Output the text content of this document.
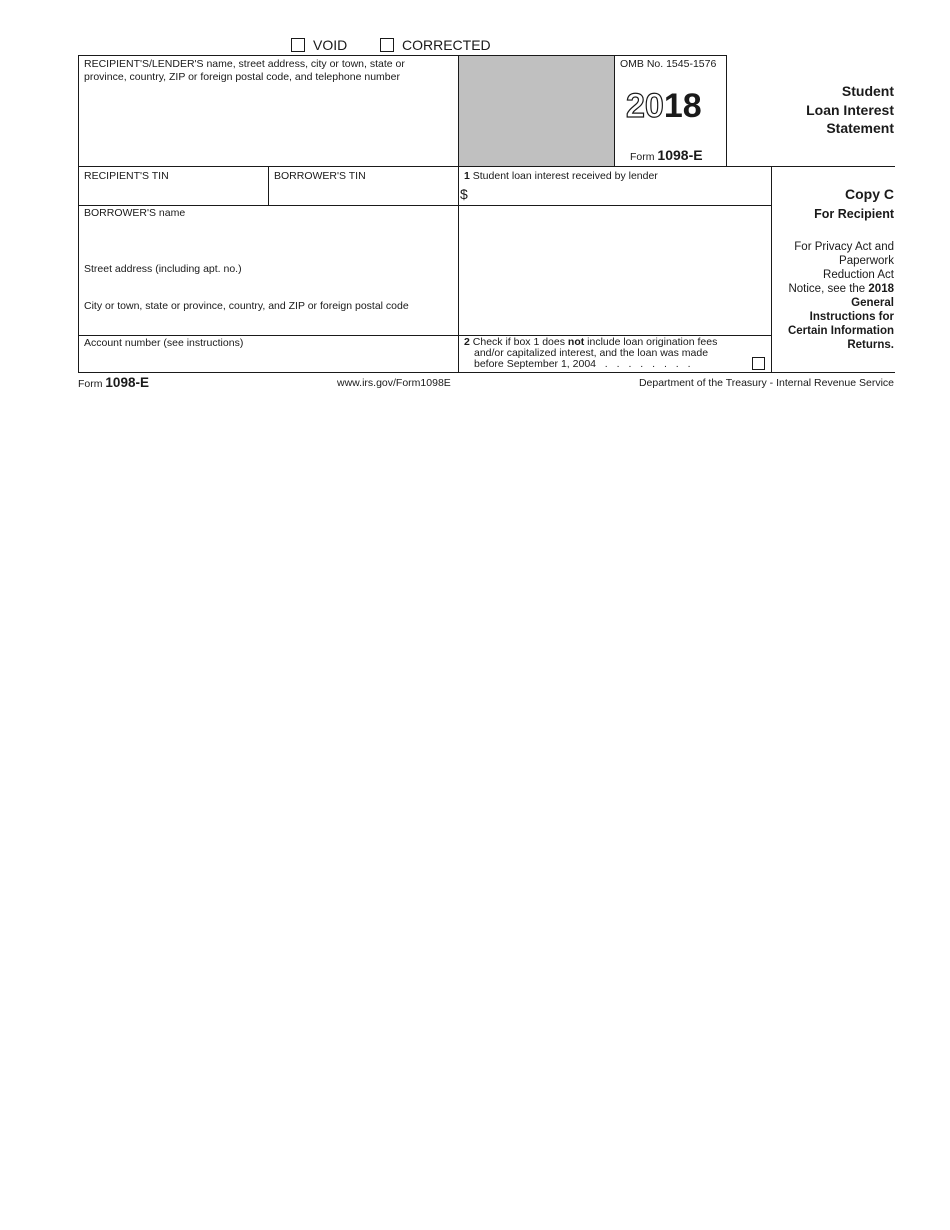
VOID	CORRECTED
RECIPIENT'S/LENDER'S name, street address, city or town, state or
province, country, ZIP or foreign postal code, and telephone number
OMB No. 1545-1576
2018
Form 1098-E
Student
Loan Interest
Statement
RECIPIENT'S TIN	BORROWER'S TIN	1 Student loan interest received by lender
$
BORROWER'S name
Street address (including apt. no.)
City or town, state or province, country, and ZIP or foreign postal code
Account number (see instructions)	2 Check if box 1 does not include loan origination fees
and/or capitalized interest, and the loan was made
before September 1, 2004 . . . . . . . .
Copy C
For Recipient
For Privacy Act and
Paperwork
Reduction Act
Notice, see the 2018
General
Instructions for
Certain Information
Returns.
Form 1098-E	www.irs.gov/Form1098E	Department of the Treasury - Internal Revenue Service
